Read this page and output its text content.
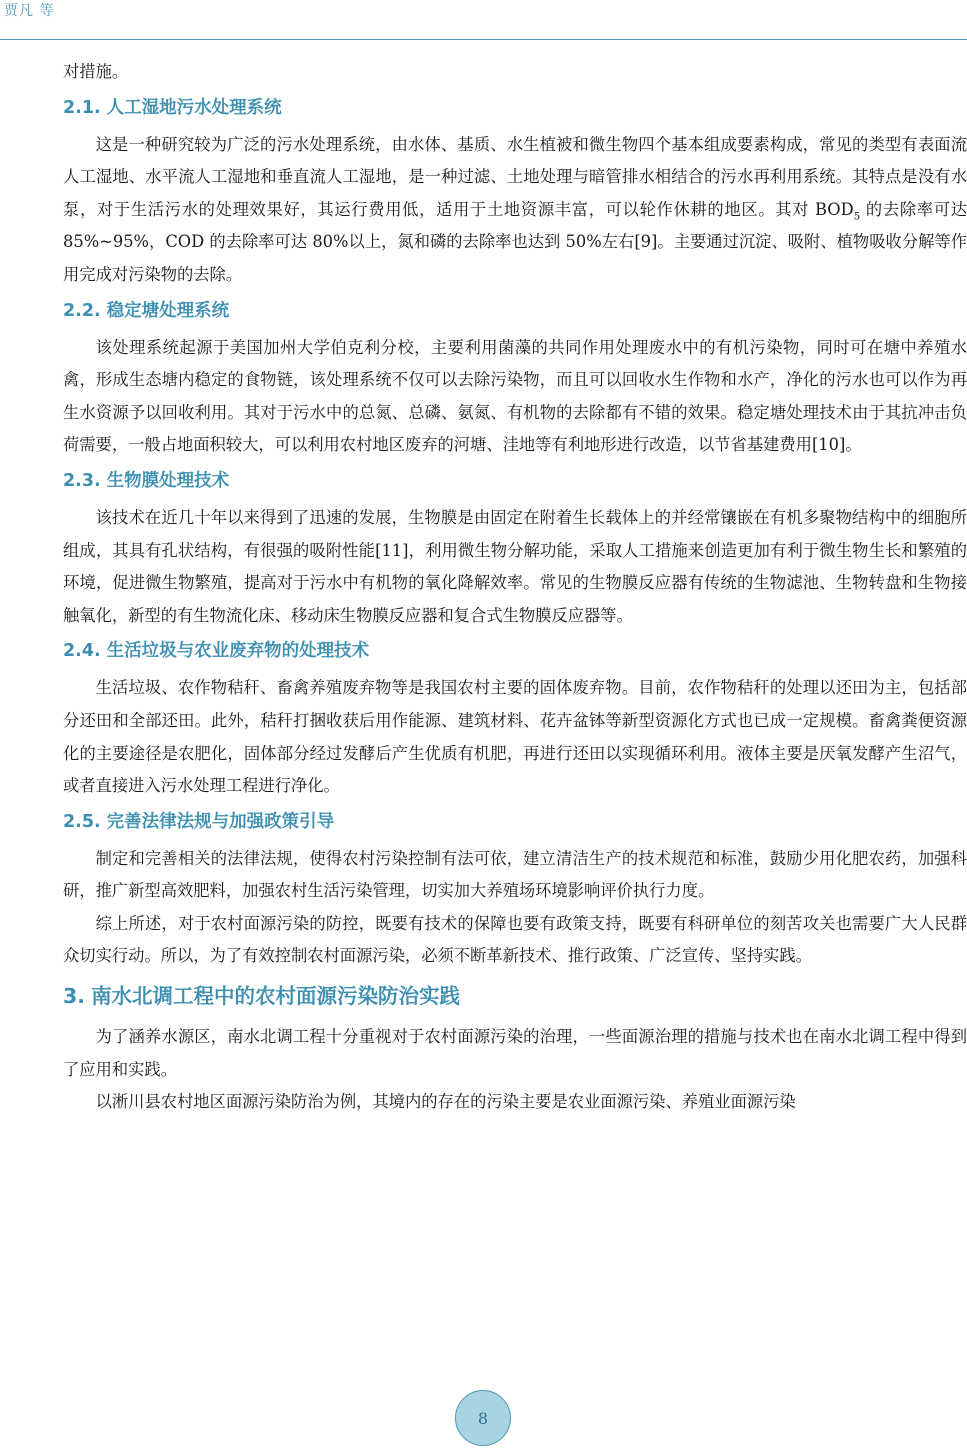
贾凡 等

对措施。

2.1. 人工湿地污水处理系统

这是一种研究较为广泛的污水处理系统，由水体、基质、水生植被和微生物四个基本组成要素构成，常见的类型有表面流人工湿地、水平流人工湿地和垂直流人工湿地，是一种过滤、土地处理与暗管排水相结合的污水再利用系统。其特点是没有水泵，对于生活污水的处理效果好，其运行费用低，适用于土地资源丰富，可以轮作休耕的地区。其对 $BOD_5$ 的去除率可达 85%~95%，COD 的去除率可达 80%以上，氮和磷的去除率也达到 50%左右[9]。主要通过沉淀、吸附、植物吸收分解等作用完成对污染物的去除。

2.2. 稳定塘处理系统

该处理系统起源于美国加州大学伯克利分校，主要利用菌藻的共同作用处理废水中的有机污染物，同时可在塘中养殖水禽，形成生态塘内稳定的食物链，该处理系统不仅可以去除污染物，而且可以回收水生作物和水产，净化的污水也可以作为再生水资源予以回收利用。其对于污水中的总氮、总磷、氨氮、有机物的去除都有不错的效果。稳定塘处理技术由于其抗冲击负荷需要，一般占地面积较大，可以利用农村地区废弃的河塘、洼地等有利地形进行改造，以节省基建费用[10]。

2.3. 生物膜处理技术

该技术在近几十年以来得到了迅速的发展，生物膜是由固定在附着生长载体上的并经常镶嵌在有机多聚物结构中的细胞所组成，其具有孔状结构，有很强的吸附性能[11]，利用微生物分解功能，采取人工措施来创造更加有利于微生物生长和繁殖的环境，促进微生物繁殖，提高对于污水中有机物的氧化降解效率。常见的生物膜反应器有传统的生物滤池、生物转盘和生物接触氧化，新型的有生物流化床、移动床生物膜反应器和复合式生物膜反应器等。

2.4. 生活垃圾与农业废弃物的处理技术

生活垃圾、农作物秸秆、畜禽养殖废弃物等是我国农村主要的固体废弃物。目前，农作物秸秆的处理以还田为主，包括部分还田和全部还田。此外，秸秆打捆收获后用作能源、建筑材料、花卉盆钵等新型资源化方式也已成一定规模。畜禽粪便资源化的主要途径是农肥化，固体部分经过发酵后产生优质有机肥，再进行还田以实现循环利用。液体主要是厌氧发酵产生沼气，或者直接进入污水处理工程进行净化。

2.5. 完善法律法规与加强政策引导

制定和完善相关的法律法规，使得农村污染控制有法可依，建立清洁生产的技术规范和标准，鼓励少用化肥农药，加强科研，推广新型高效肥料，加强农村生活污染管理，切实加大养殖场环境影响评价执行力度。

综上所述，对于农村面源污染的防控，既要有技术的保障也要有政策支持，既要有科研单位的刻苦攻关也需要广大人民群众切实行动。所以，为了有效控制农村面源污染，必须不断革新技术、推行政策、广泛宣传、坚持实践。

3. 南水北调工程中的农村面源污染防治实践

为了涵养水源区，南水北调工程十分重视对于农村面源污染的治理，一些面源治理的措施与技术也在南水北调工程中得到了应用和实践。

以淅川县农村地区面源污染防治为例，其境内的存在的污染主要是农业面源污染、养殖业面源污染

8
